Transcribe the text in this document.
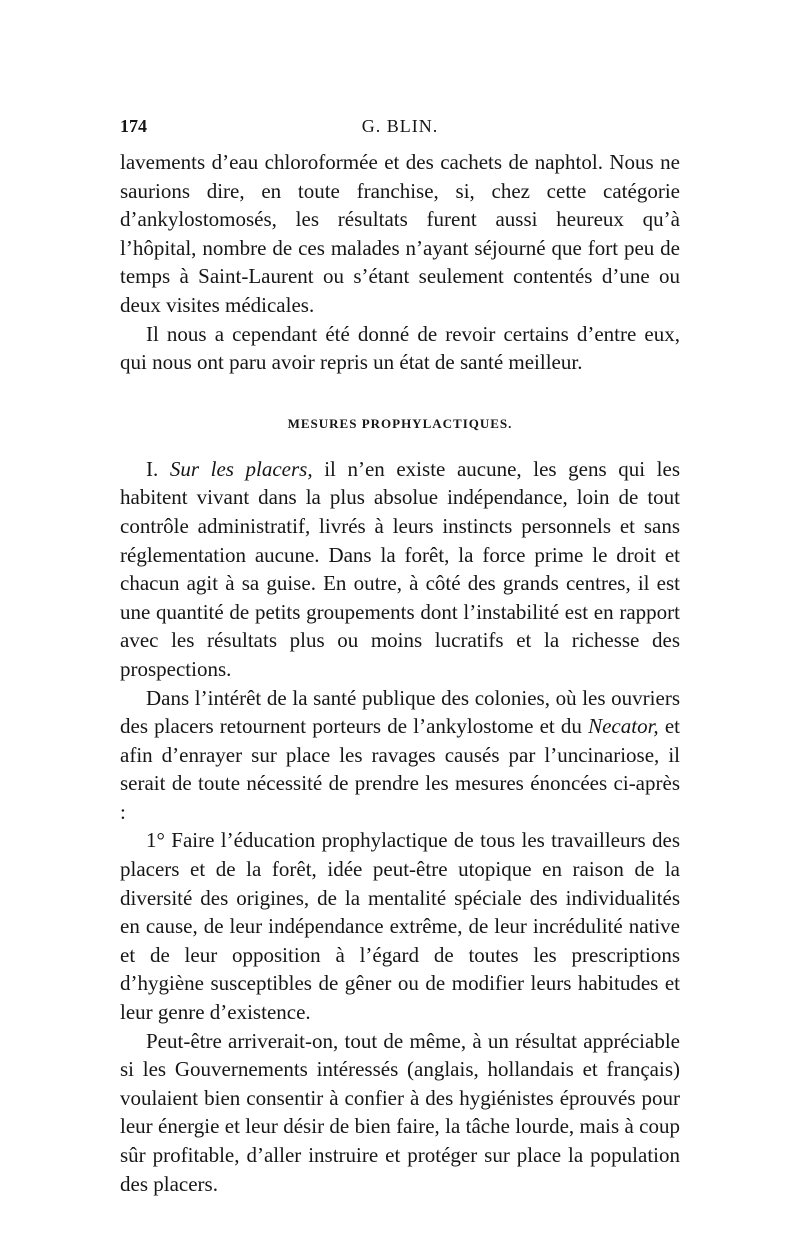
174	G. BLIN.

lavements d’eau chloroformée et des cachets de naphtol. Nous ne saurions dire, en toute franchise, si, chez cette catégorie d’ankylostomosés, les résultats furent aussi heureux qu’à l’hôpital, nombre de ces malades n’ayant séjourné que fort peu de temps à Saint-Laurent ou s’étant seulement contentés d’une ou deux visites médicales.

Il nous a cependant été donné de revoir certains d’entre eux, qui nous ont paru avoir repris un état de santé meilleur.

MESURES PROPHYLACTIQUES.

I. Sur les placers, il n’en existe aucune, les gens qui les habitent vivant dans la plus absolue indépendance, loin de tout contrôle administratif, livrés à leurs instincts personnels et sans réglementation aucune. Dans la forêt, la force prime le droit et chacun agit à sa guise. En outre, à côté des grands centres, il est une quantité de petits groupements dont l’instabilité est en rapport avec les résultats plus ou moins lucratifs et la richesse des prospections.

Dans l’intérêt de la santé publique des colonies, où les ouvriers des placers retournent porteurs de l’ankylostome et du Necator, et afin d’enrayer sur place les ravages causés par l’uncinariose, il serait de toute nécessité de prendre les mesures énoncées ci-après :

1° Faire l’éducation prophylactique de tous les travailleurs des placers et de la forêt, idée peut-être utopique en raison de la diversité des origines, de la mentalité spéciale des individualités en cause, de leur indépendance extrême, de leur incrédulité native et de leur opposition à l’égard de toutes les prescriptions d’hygiène susceptibles de gêner ou de modifier leurs habitudes et leur genre d’existence.

Peut-être arriverait-on, tout de même, à un résultat appréciable si les Gouvernements intéressés (anglais, hollandais et français) voulaient bien consentir à confier à des hygiénistes éprouvés pour leur énergie et leur désir de bien faire, la tâche lourde, mais à coup sûr profitable, d’aller instruire et protéger sur place la population des placers.
